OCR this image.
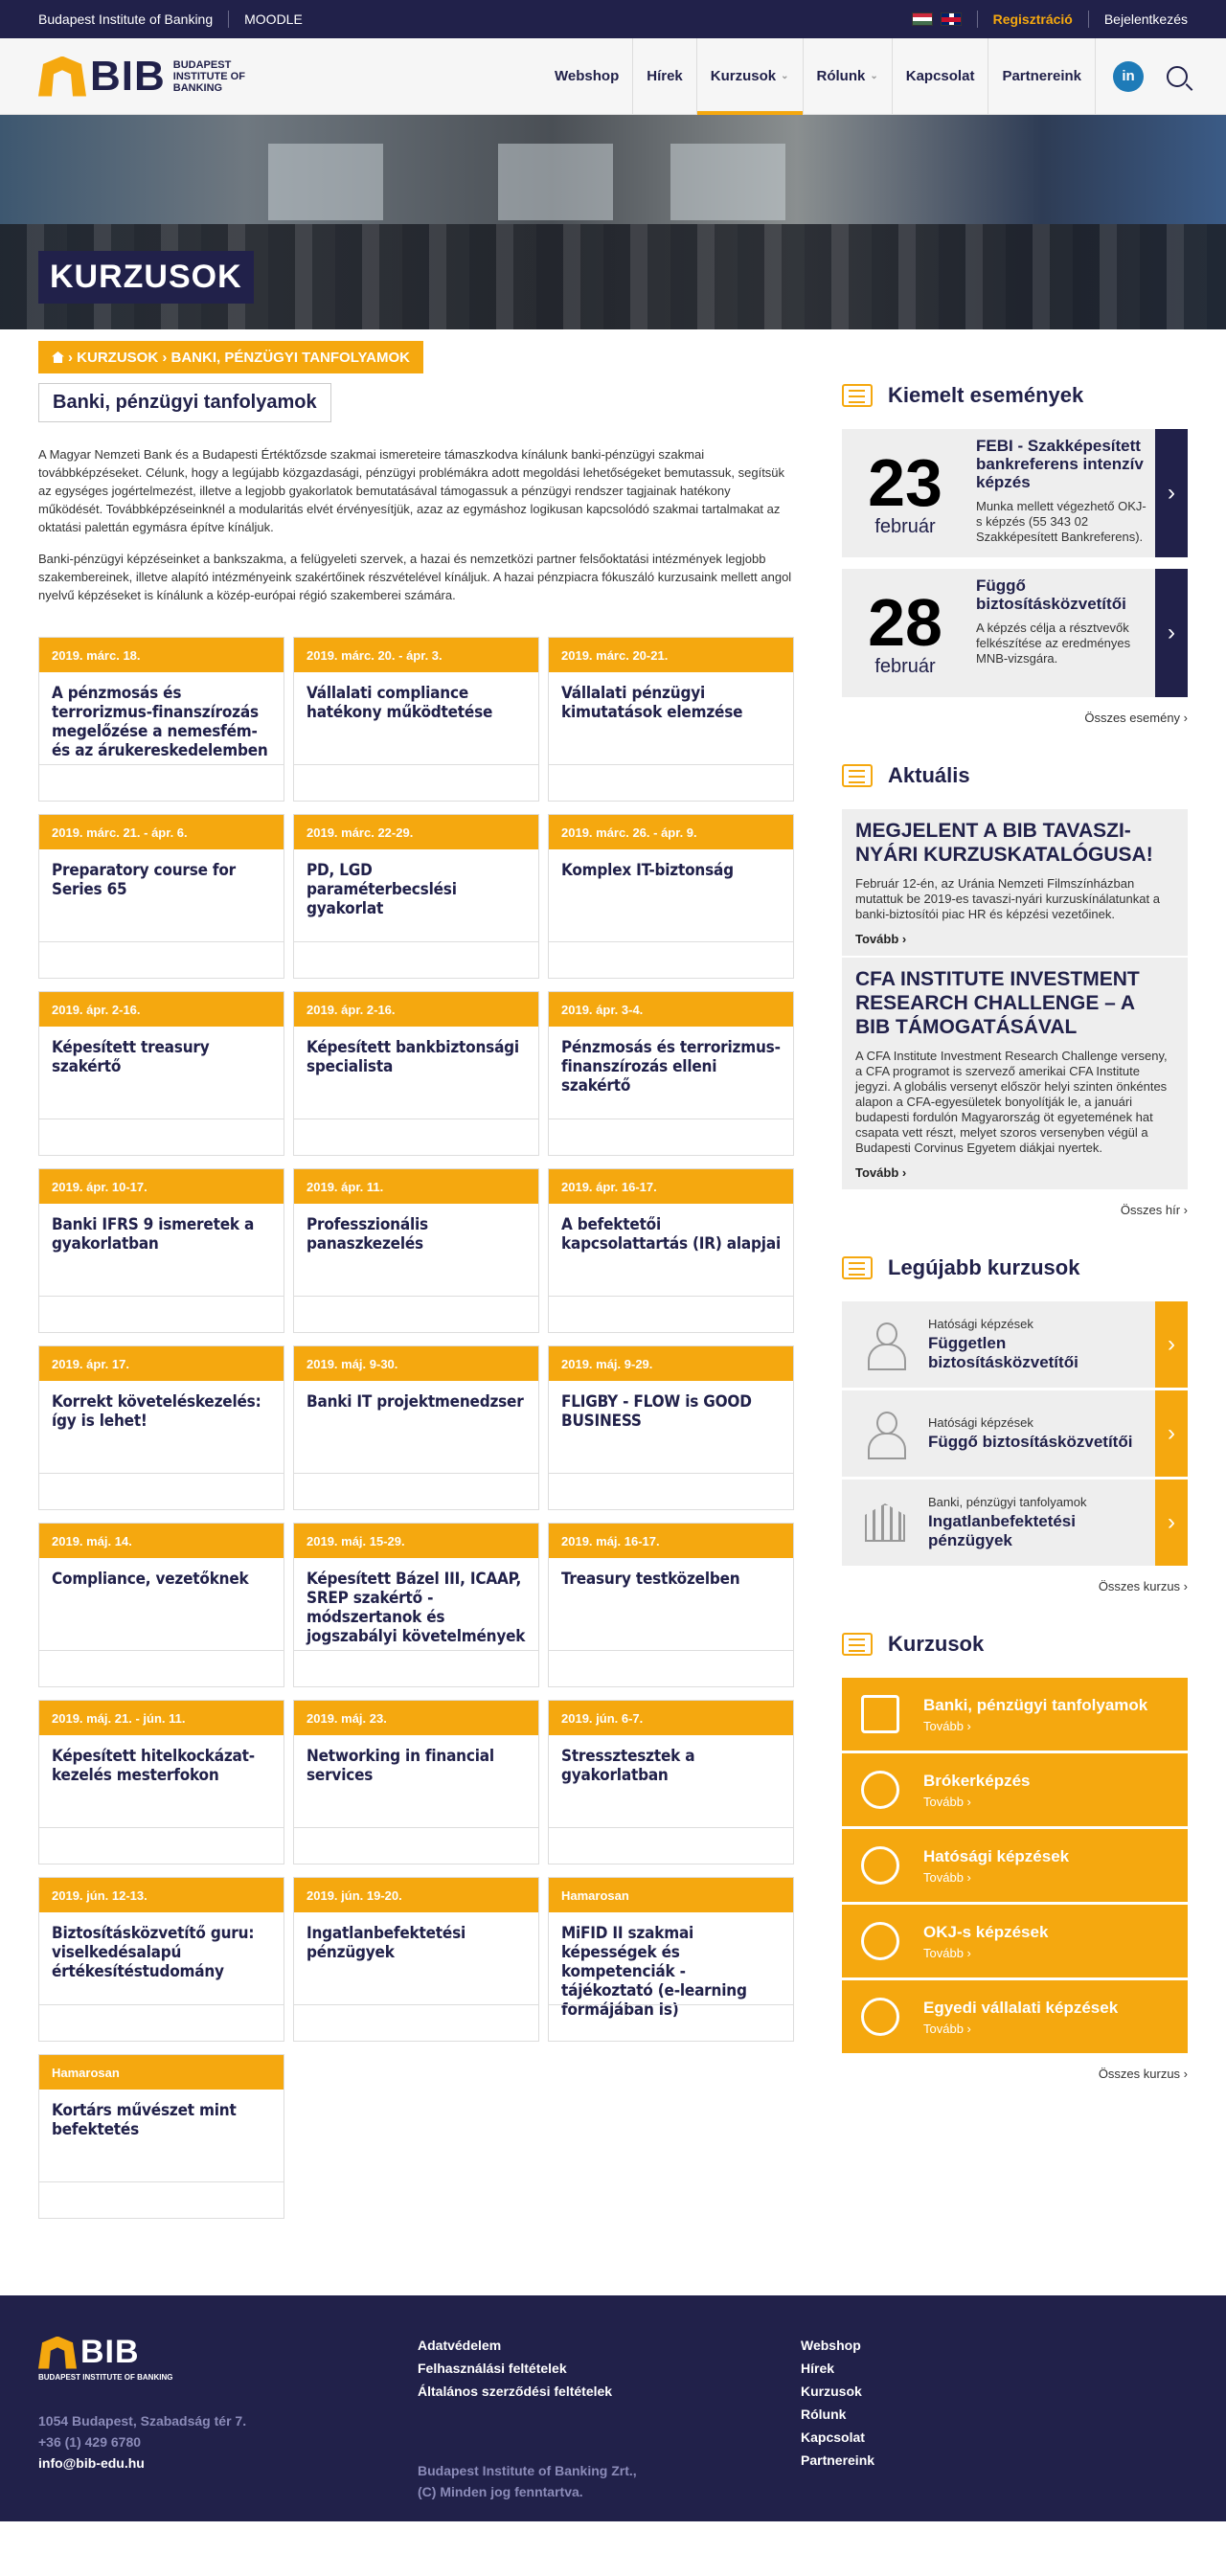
Budapest Institute of Banking MOODLE	Regisztráció Bejelentkezés
BIB BUDAPEST INSTITUTE OF BANKING
Webshop	Hírek	Kurzusok ⌄ Rólunk ⌄	Kapcsolat	Partnereink	in
KURZUSOK
› KURZUSOK › BANKI, PÉNZÜGYI TANFOLYAMOK
Banki, pénzügyi tanfolyamok

A Magyar Nemzeti Bank és a Budapesti Értéktőzsde szakmai ismereteire támaszkodva kínálunk banki-pénzügyi szakmai továbbképzéseket. Célunk, hogy a legújabb közgazdasági, pénzügyi problémákra adott megoldási lehetőségeket bemutassuk, segítsük az egységes jogértelmezést, illetve a legjobb gyakorlatok bemutatásával támogassuk a pénzügyi rendszer tagjainak hatékony működését. Továbbképzéseinknél a modularitás elvét érvényesítjük, azaz az egymáshoz logikusan kapcsolódó szakmai tartalmakat az oktatási palettán egymásra építve kínáljuk.

Banki-pénzügyi képzéseinket a bankszakma, a felügyeleti szervek, a hazai és nemzetközi partner felsőoktatási intézmények legjobb szakembereinek, illetve alapító intézményeink szakértőinek részvételével kínáljuk. A hazai pénzpiacra fókuszáló kurzusaink mellett angol nyelvű képzéseket is kínálunk a közép-európai régió szakemberei számára.

2019. márc. 18.
A pénzmosás és terrorizmus-finanszírozás megelőzése a nemesfém- és az árukereskedelemben
2019. márc. 20. - ápr. 3.
Vállalati compliance hatékony működtetése
2019. márc. 20-21.
Vállalati pénzügyi kimutatások elemzése
2019. márc. 21. - ápr. 6.
Preparatory course for Series 65
2019. márc. 22-29.
PD, LGD paraméterbecslési gyakorlat
2019. márc. 26. - ápr. 9.
Komplex IT-biztonság
2019. ápr. 2-16.
Képesített treasury szakértő
2019. ápr. 2-16.
Képesített bankbiztonsági specialista
2019. ápr. 3-4.
Pénzmosás és terrorizmus-finanszírozás elleni szakértő
2019. ápr. 10-17.
Banki IFRS 9 ismeretek a gyakorlatban
2019. ápr. 11.
Professzionális panaszkezelés
2019. ápr. 16-17.
A befektetői kapcsolattartás (IR) alapjai
2019. ápr. 17.
Korrekt követeléskezelés: így is lehet!
2019. máj. 9-30.
Banki IT projektmenedzser
2019. máj. 9-29.
FLIGBY - FLOW is GOOD BUSINESS
2019. máj. 14.
Compliance, vezetőknek
2019. máj. 15-29.
Képesített Bázel III, ICAAP, SREP szakértő - módszertanok és jogszabályi követelmények
2019. máj. 16-17.
Treasury testközelben
2019. máj. 21. - jún. 11.
Képesített hitelkockázat-kezelés mesterfokon
2019. máj. 23.
Networking in financial services
2019. jún. 6-7.
Stressztesztek a gyakorlatban
2019. jún. 12-13.
Biztosításközvetítő guru: viselkedésalapú értékesítéstudomány
2019. jún. 19-20.
Ingatlanbefektetési pénzügyek
Hamarosan
MiFID II szakmai képességek és kompetenciák - tájékoztató (e-learning formájában is)
Hamarosan
Kortárs művészet mint befektetés
Kiemelt események
23
február
FEBI - Szakképesített bankreferens intenzív képzés
Munka mellett végezhető OKJ-s képzés (55 343 02 Szakképesített Bankreferens).
›
28
február
Függő biztosításközvetítői
A képzés célja a résztvevők felkészítése az eredményes MNB-vizsgára.
›
Összes esemény ›
Aktuális
MEGJELENT A BIB TAVASZI-NYÁRI KURZUSKATALÓGUSA!
Február 12-én, az Uránia Nemzeti Filmszínházban mutattuk be 2019-es tavaszi-nyári kurzuskínálatunkat a banki-biztosítói piac HR és képzési vezetőinek.
Tovább ›
CFA INSTITUTE INVESTMENT RESEARCH CHALLENGE – A BIB TÁMOGATÁSÁVAL
A CFA Institute Investment Research Challenge verseny, a CFA programot is szervező amerikai CFA Institute jegyzi. A globális versenyt először helyi szinten önkéntes alapon a CFA-egyesületek bonyolítják le, a januári budapesti fordulón Magyarország öt egyetemének hat csapata vett részt, melyet szoros versenyben végül a Budapesti Corvinus Egyetem diákjai nyertek.
Tovább ›
Összes hír ›
Legújabb kurzusok
Hatósági képzések
Független biztosításközvetítői
›
Hatósági képzések
Függő biztosításközvetítői	›
Banki, pénzügyi tanfolyamok
Ingatlanbefektetési pénzügyek
›
Összes kurzus ›
Kurzusok
Banki, pénzügyi tanfolyamok
Tovább ›
Brókerképzés
Tovább ›
Hatósági képzések
Tovább ›
OKJ-s képzések
Tovább ›
Egyedi vállalati képzések
Tovább ›
Összes kurzus ›
BIB
BUDAPEST INSTITUTE OF BANKING
1054 Budapest, Szabadság tér 7.
+36 (1) 429 6780
info@bib-edu.hu
Adatvédelem
Felhasználási feltételek
Általános szerződési feltételek
Budapest Institute of Banking Zrt.,
(C) Minden jog fenntartva.
Webshop
Hírek
Kurzusok
Rólunk
Kapcsolat
Partnereink
